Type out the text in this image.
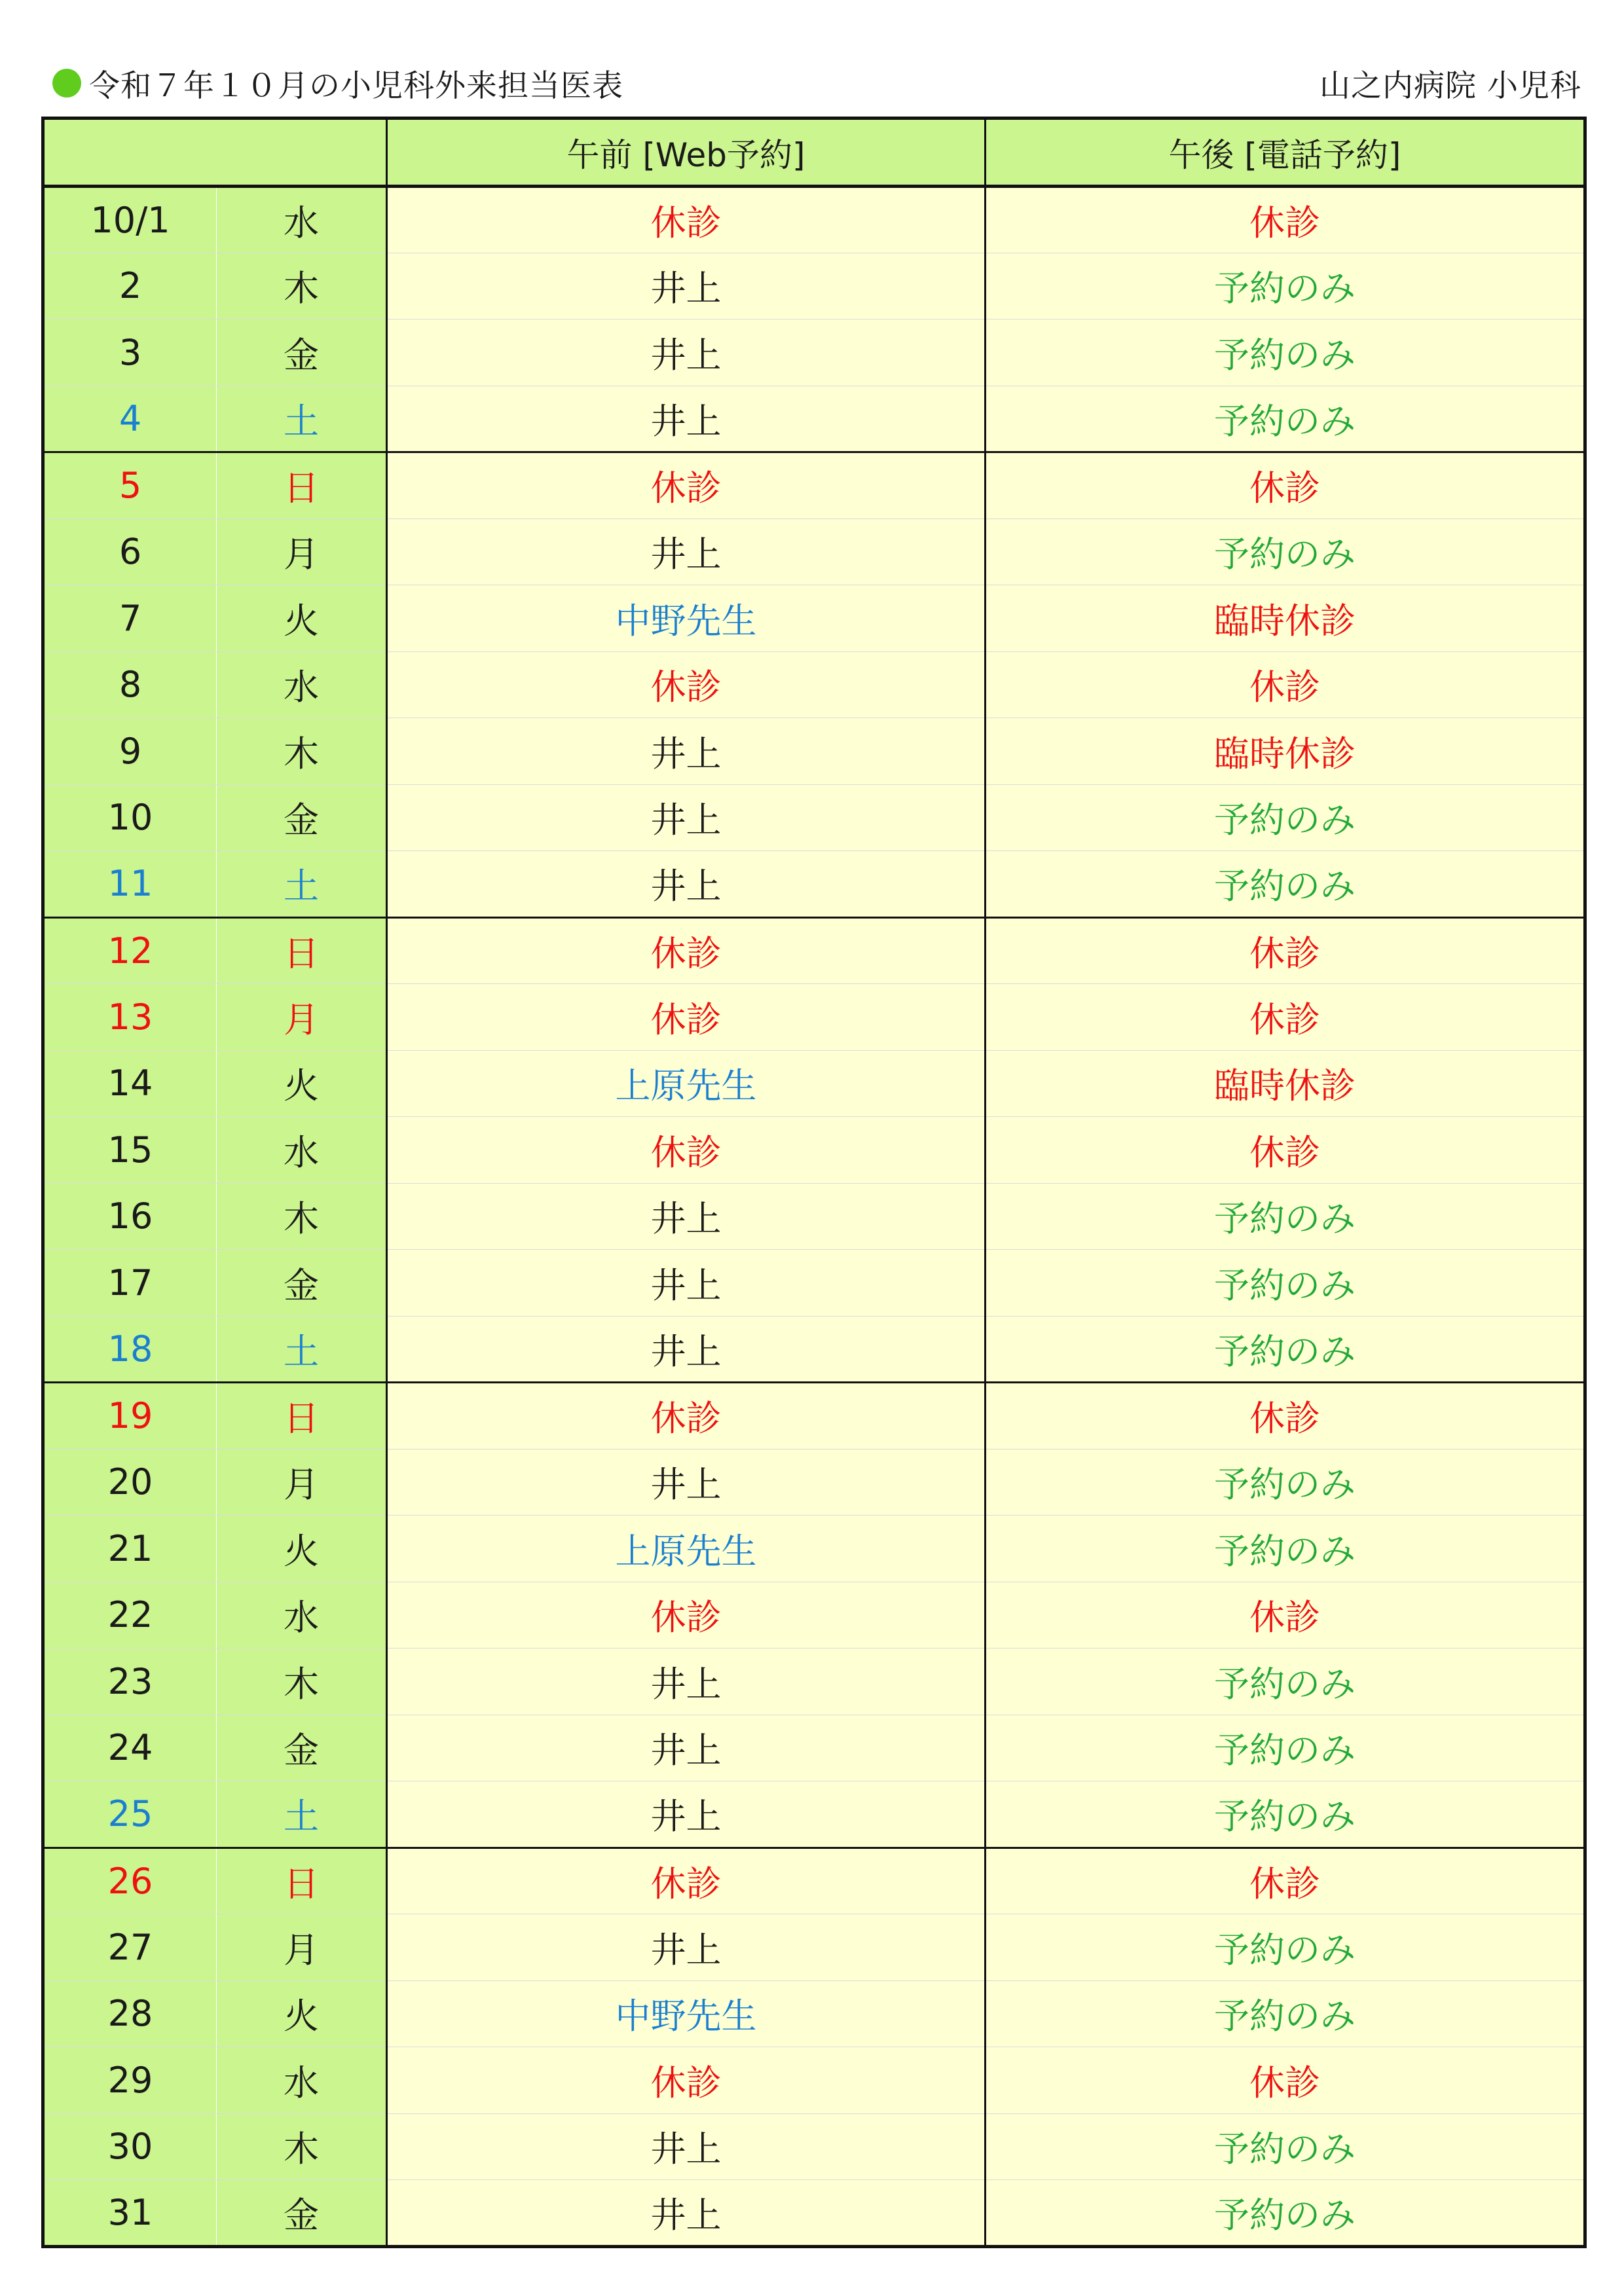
令和７年１０月の小児科外来担当医表	山之内病院 小児科
		午前 [Web予約]	午後 [電話予約]
10/1	水	休診	休診
2	木	井上	予約のみ
3	金	井上	予約のみ
4	土	井上	予約のみ
5	日	休診	休診
6	月	井上	予約のみ
7	火	中野先生	臨時休診
8	水	休診	休診
9	木	井上	臨時休診
10	金	井上	予約のみ
11	土	井上	予約のみ
12	日	休診	休診
13	月	休診	休診
14	火	上原先生	臨時休診
15	水	休診	休診
16	木	井上	予約のみ
17	金	井上	予約のみ
18	土	井上	予約のみ
19	日	休診	休診
20	月	井上	予約のみ
21	火	上原先生	予約のみ
22	水	休診	休診
23	木	井上	予約のみ
24	金	井上	予約のみ
25	土	井上	予約のみ
26	日	休診	休診
27	月	井上	予約のみ
28	火	中野先生	予約のみ
29	水	休診	休診
30	木	井上	予約のみ
31	金	井上	予約のみ
